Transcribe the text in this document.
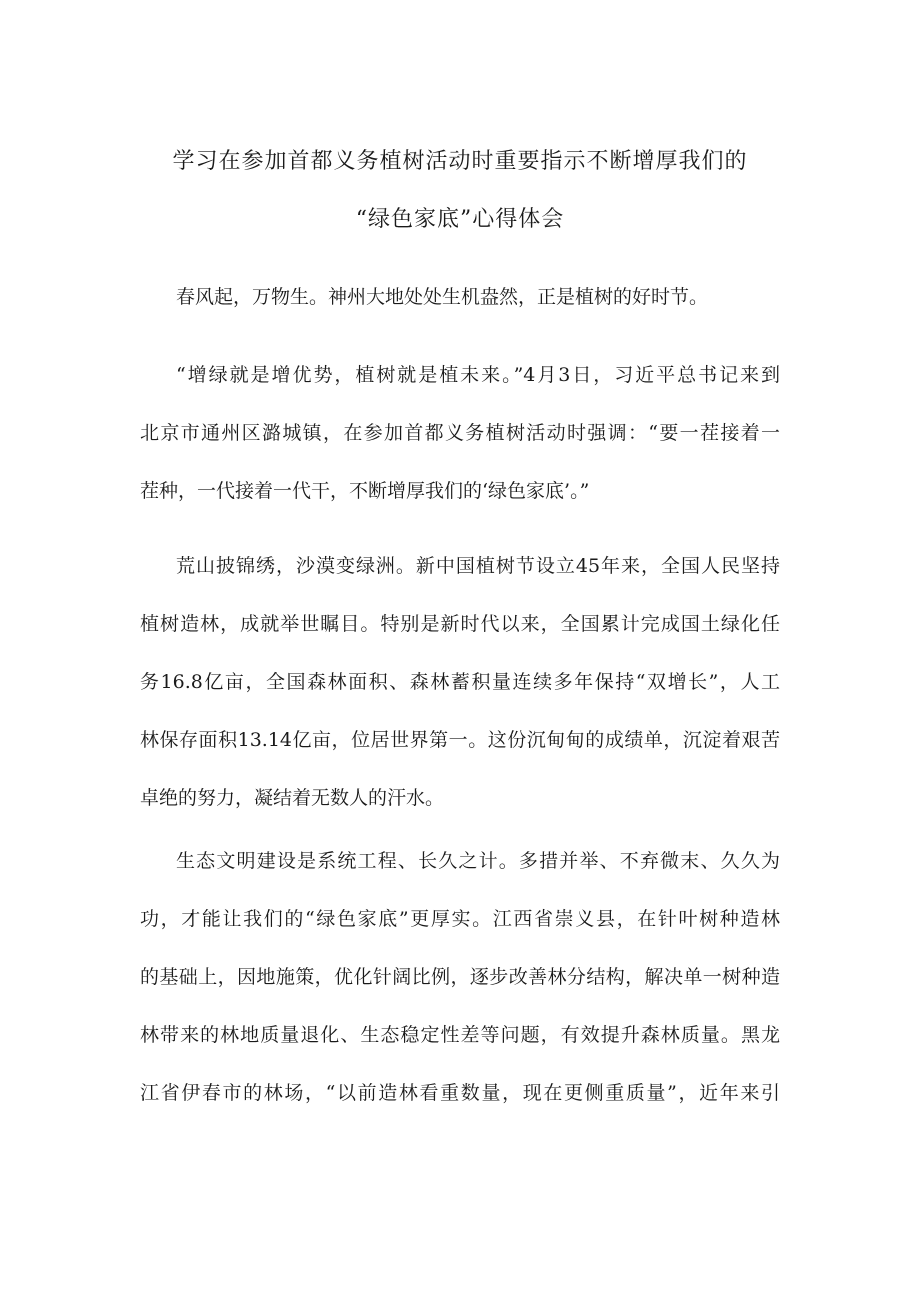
学习在参加首都义务植树活动时重要指示不断增厚我们的
“绿色家底”心得体会
春风起，万物生。神州大地处处生机盎然，正是植树的好时节。
“增绿就是增优势，植树就是植未来。”4月3日，习近平总书记来到
北京市通州区潞城镇，在参加首都义务植树活动时强调：“要一茬接着一
茬种，一代接着一代干，不断增厚我们的‘绿色家底’。”
荒山披锦绣，沙漠变绿洲。新中国植树节设立45年来，全国人民坚持
植树造林，成就举世瞩目。特别是新时代以来，全国累计完成国土绿化任
务16.8亿亩，全国森林面积、森林蓄积量连续多年保持“双增长”，人工
林保存面积13.14亿亩，位居世界第一。这份沉甸甸的成绩单，沉淀着艰苦
卓绝的努力，凝结着无数人的汗水。
生态文明建设是系统工程、长久之计。多措并举、不弃微末、久久为
功，才能让我们的“绿色家底”更厚实。江西省崇义县，在针叶树种造林
的基础上，因地施策，优化针阔比例，逐步改善林分结构，解决单一树种造
林带来的林地质量退化、生态稳定性差等问题，有效提升森林质量。黑龙
江省伊春市的林场，“以前造林看重数量，现在更侧重质量”，近年来引
